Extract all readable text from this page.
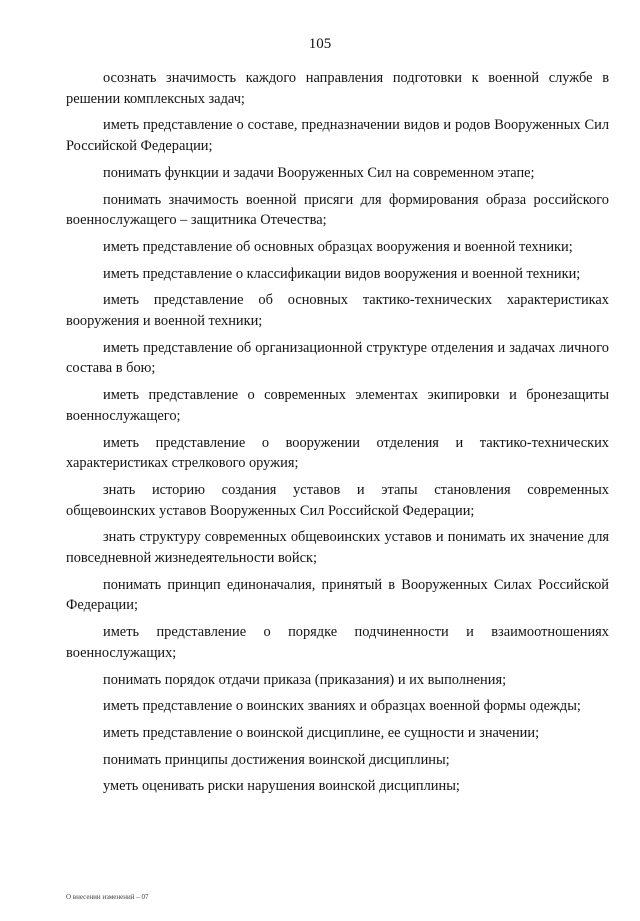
105

осознать значимость каждого направления подготовки к военной службе в решении комплексных задач;

иметь представление о составе, предназначении видов и родов Вооруженных Сил Российской Федерации;

понимать функции и задачи Вооруженных Сил на современном этапе;

понимать значимость военной присяги для формирования образа российского военнослужащего – защитника Отечества;

иметь представление об основных образцах вооружения и военной техники;

иметь представление о классификации видов вооружения и военной техники;

иметь представление об основных тактико-технических характеристиках вооружения и военной техники;

иметь представление об организационной структуре отделения и задачах личного состава в бою;

иметь представление о современных элементах экипировки и бронезащиты военнослужащего;

иметь представление о вооружении отделения и тактико-технических характеристиках стрелкового оружия;

знать историю создания уставов и этапы становления современных общевоинских уставов Вооруженных Сил Российской Федерации;

знать структуру современных общевоинских уставов и понимать их значение для повседневной жизнедеятельности войск;

понимать принцип единоначалия, принятый в Вооруженных Силах Российской Федерации;

иметь представление о порядке подчиненности и взаимоотношениях военнослужащих;

понимать порядок отдачи приказа (приказания) и их выполнения;

иметь представление о воинских званиях и образцах военной формы одежды;

иметь представление о воинской дисциплине, ее сущности и значении;

понимать принципы достижения воинской дисциплины;

уметь оценивать риски нарушения воинской дисциплины;

О внесении изменений – 07
